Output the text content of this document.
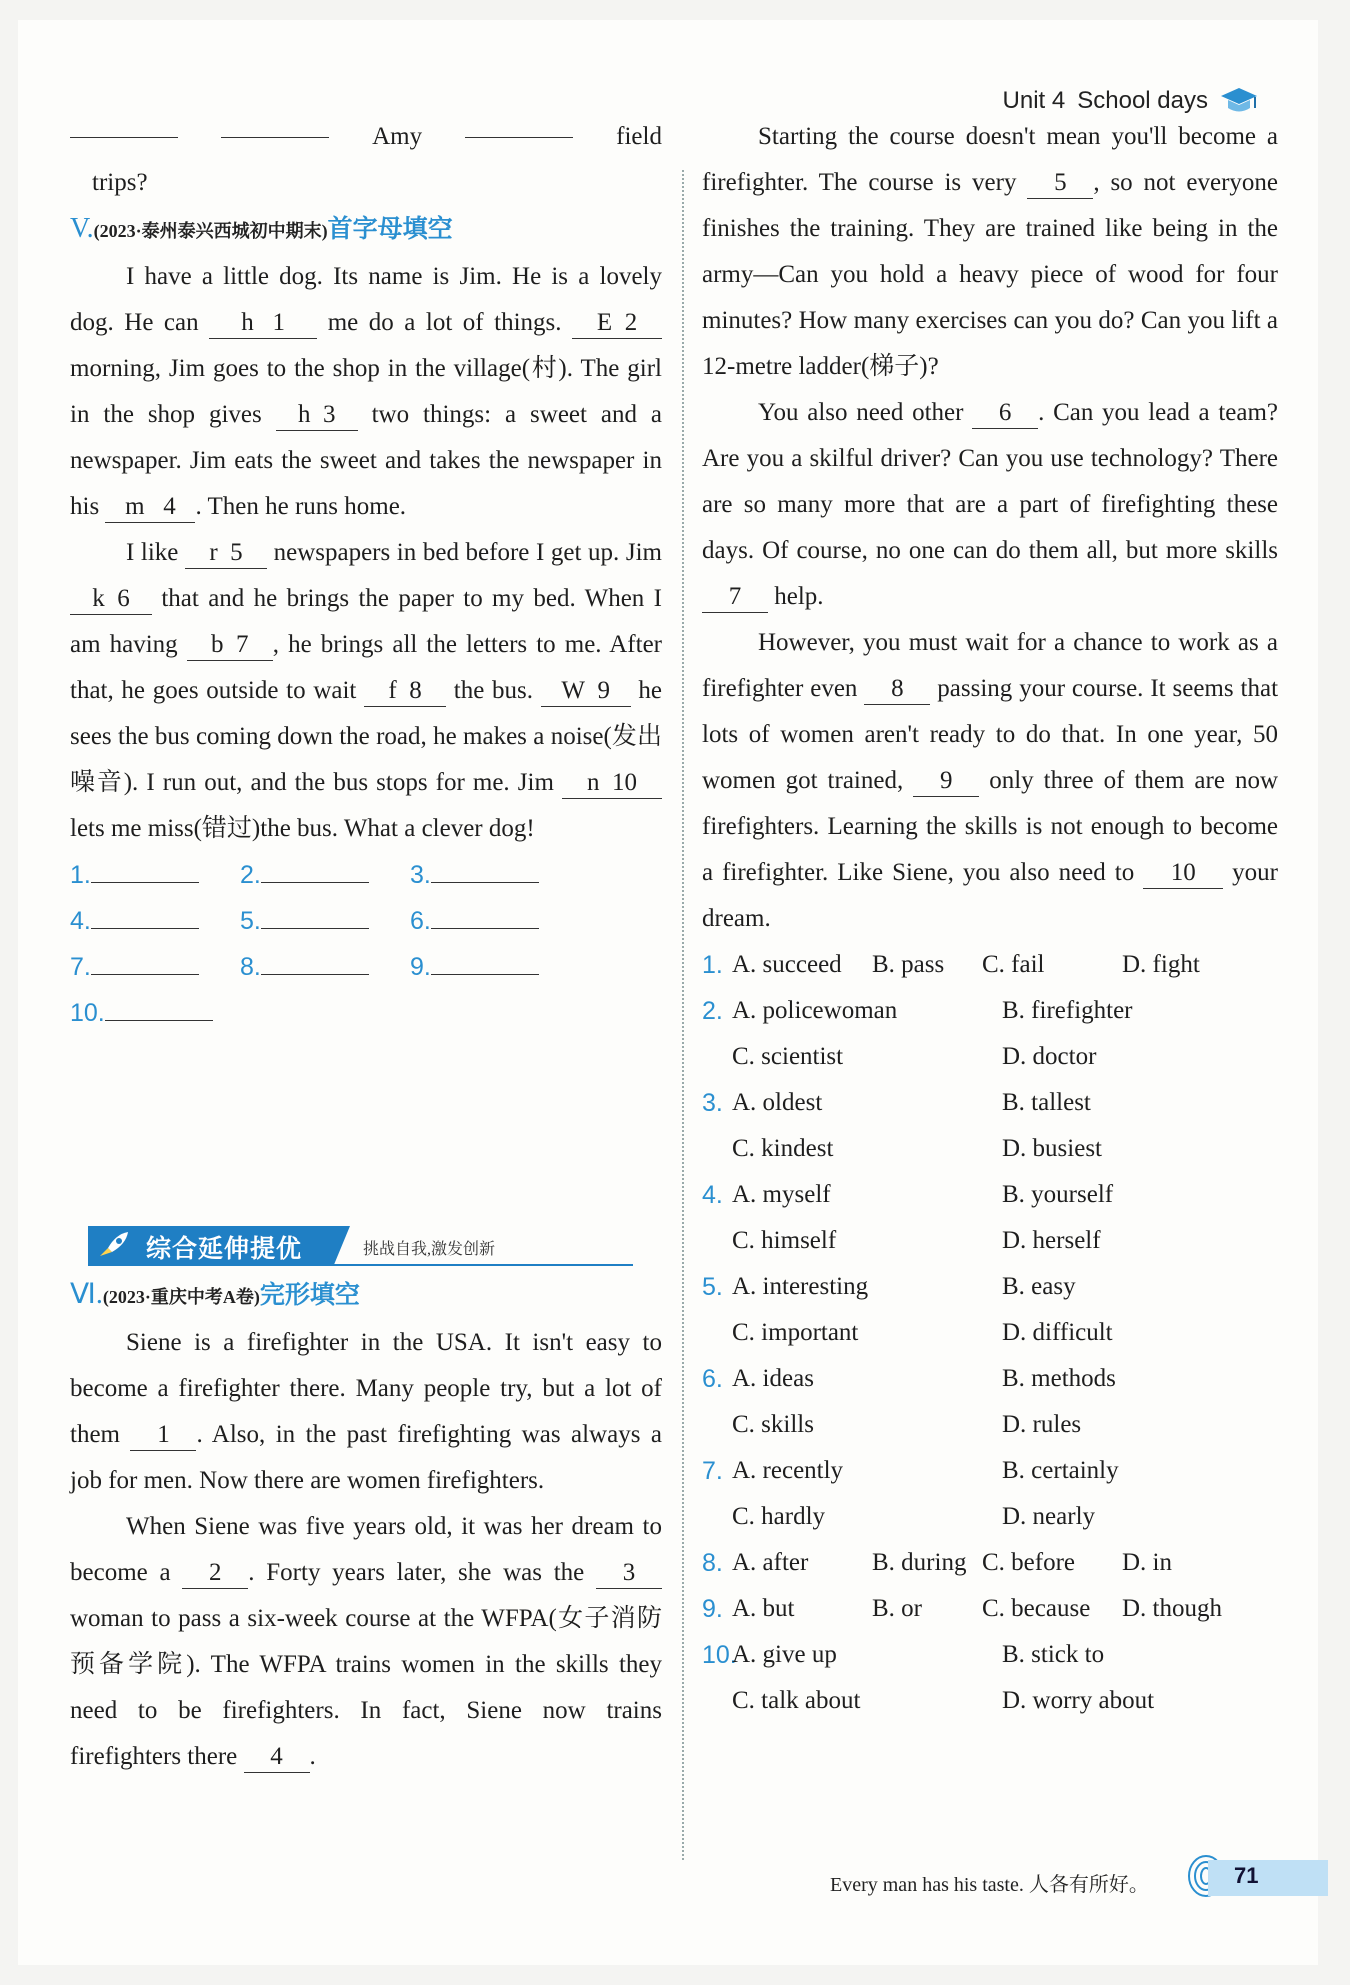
Unit 4 School days

Amy	field

trips?

V.(2023·泰州泰兴西城初中期末)首字母填空

I have a little dog. Its name is Jim. He is a lovely dog. He can h 1 me do a lot of things. E 2 morning, Jim goes to the shop in the village(村). The girl in the shop gives h 3 two things: a sweet and a newspaper. Jim eats the sweet and takes the newspaper in his m 4 . Then he runs home.

I like r 5 newspapers in bed before I get up. Jim k 6 that and he brings the paper to my bed. When I am having b 7 , he brings all the letters to me. After that, he goes outside to wait f 8 the bus. W 9 he sees the bus coming down the road, he makes a noise(发出噪音). I run out, and the bus stops for me. Jim n 10 lets me miss(错过)the bus. What a clever dog!

1.	2.	3.
4.	5.	6.
7.	8.	9.
10.
综合延伸提优	挑战自我,激发创新
Ⅵ.(2023·重庆中考A卷)完形填空

Siene is a firefighter in the USA. It isn't easy to become a firefighter there. Many people try, but a lot of them 1 . Also, in the past firefighting was always a job for men. Now there are women firefighters.

When Siene was five years old, it was her dream to become a 2 . Forty years later, she was the 3 woman to pass a six-week course at the WFPA(女子消防预备学院). The WFPA trains women in the skills they need to be firefighters. In fact, Siene now trains firefighters there 4 .

Starting the course doesn't mean you'll become a firefighter. The course is very 5 , so not everyone finishes the training. They are trained like being in the army—Can you hold a heavy piece of wood for four minutes? How many exercises can you do? Can you lift a 12-metre ladder(梯子)?

You also need other 6 . Can you lead a team? Are you a skilful driver? Can you use technology? There are so many more that are a part of firefighting these days. Of course, no one can do them all, but more skills 7 help.

However, you must wait for a chance to work as a firefighter even 8 passing your course. It seems that lots of women aren't ready to do that. In one year, 50 women got trained, 9 only three of them are now firefighters. Learning the skills is not enough to become a firefighter. Like Siene, you also need to 10 your dream.

1. A. succeed	B. pass	C. fail	D. fight
2. A. policewoman	B. firefighter
C. scientist	D. doctor
3. A. oldest	B. tallest
C. kindest	D. busiest
4. A. myself	B. yourself
C. himself	D. herself
5. A. interesting	B. easy
C. important	D. difficult
6. A. ideas	B. methods
C. skills	D. rules
7. A. recently	B. certainly
C. hardly	D. nearly
8. A. after	B. during C. before	D. in
9. A. but	B. or	C. because	D. though
10.
A. give up	B. stick to
C. talk about	D. worry about
Every man has his taste. 人各有所好。	71
